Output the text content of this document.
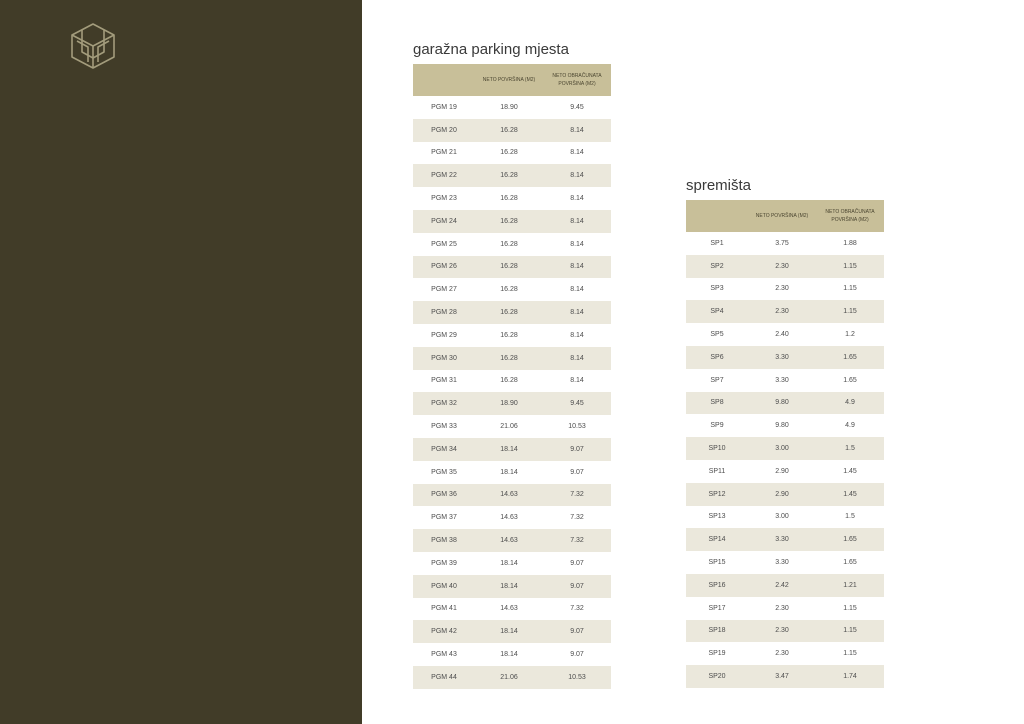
garažna parking mjesta
NETO POVRŠINA (M2)
NETO OBRAČUNATA POVRŠINA (M2)
PGM 19	18.90	9.45
PGM 20	16.28	8.14
PGM 21	16.28	8.14
PGM 22	16.28	8.14
PGM 23	16.28	8.14
PGM 24	16.28	8.14
PGM 25	16.28	8.14
PGM 26	16.28	8.14
PGM 27	16.28	8.14
PGM 28	16.28	8.14
PGM 29	16.28	8.14
PGM 30	16.28	8.14
PGM 31	16.28	8.14
PGM 32	18.90	9.45
PGM 33	21.06	10.53
PGM 34	18.14	9.07
PGM 35	18.14	9.07
PGM 36	14.63	7.32
PGM 37	14.63	7.32
PGM 38	14.63	7.32
PGM 39	18.14	9.07
PGM 40	18.14	9.07
PGM 41	14.63	7.32
PGM 42	18.14	9.07
PGM 43	18.14	9.07
PGM 44	21.06	10.53
spremišta
NETO POVRŠINA (M2)
NETO OBRAČUNATA POVRŠINA (M2)
SP1	3.75	1.88
SP2	2.30	1.15
SP3	2.30	1.15
SP4	2.30	1.15
SP5	2.40	1.2
SP6	3.30	1.65
SP7	3.30	1.65
SP8	9.80	4.9
SP9	9.80	4.9
SP10	3.00	1.5
SP11	2.90	1.45
SP12	2.90	1.45
SP13	3.00	1.5
SP14	3.30	1.65
SP15	3.30	1.65
SP16	2.42	1.21
SP17	2.30	1.15
SP18	2.30	1.15
SP19	2.30	1.15
SP20	3.47	1.74
